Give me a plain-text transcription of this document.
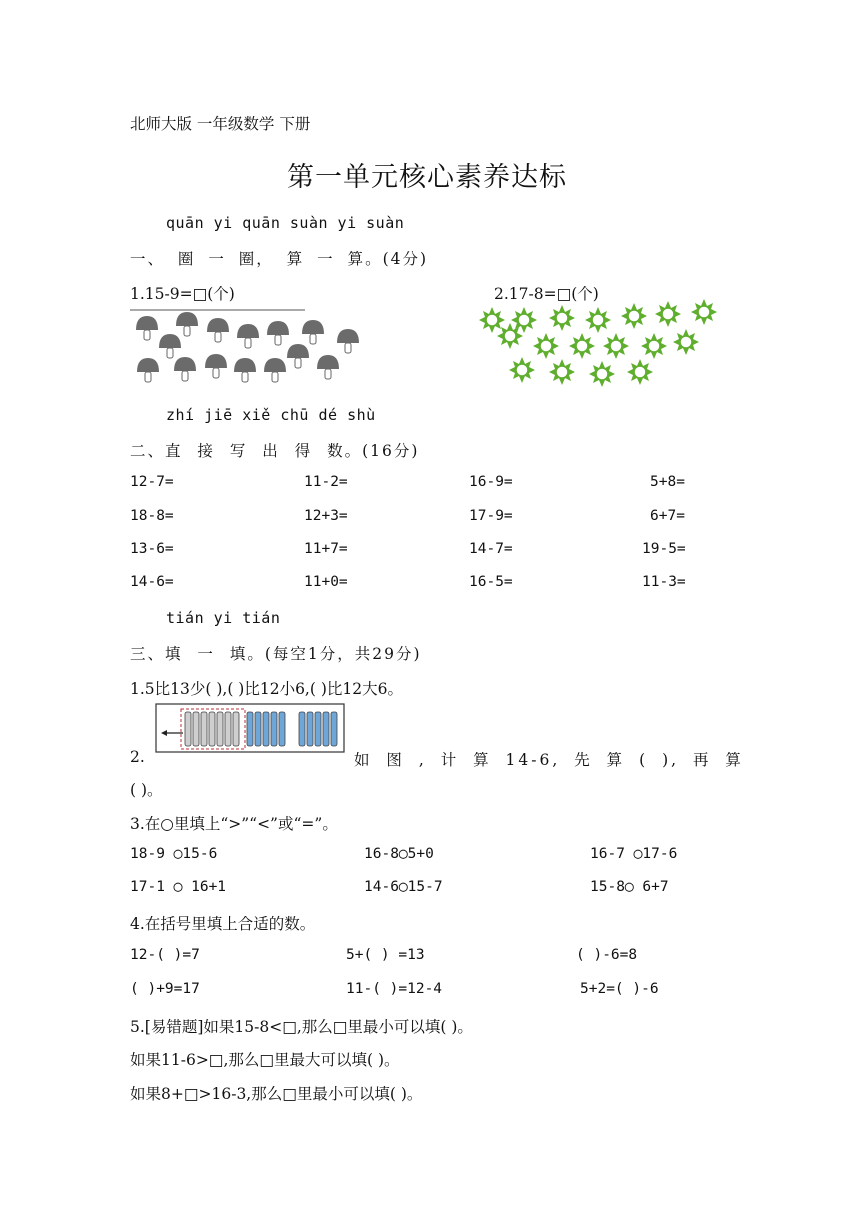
北师大版 一年级数学 下册
第一单元核心素养达标
quān yi quān suàn yi suàn
一、 圈 一 圈， 算 一 算。(4分)
1.15-9=□(个)	2.17-8=□(个)
zhí jiē xiě chū dé shù
二、直 接 写 出 得 数。(16分)
12-7=	11-2=	16-9=	5+8=
18-8=	12+3=	17-9=	6+7=
13-6=	11+7=	14-7=	19-5=
14-6=	11+0=	16-5=	11-3=
tián yi tián
三、填 一 填。(每空1分，共29分)
1.5比13少( ),( )比12小6,( )比12大6。
2.	如 图 , 计 算 14-6, 先 算 ( ), 再 算
( )。
3.在○里填上“>”“<”或“=”。
18-9 ◯15-6	16-8◯5+0	16-7 ◯17-6
17-1 ◯ 16+1	14-6◯15-7	15-8◯ 6+7
4.在括号里填上合适的数。
12-( )=7	5+( ) =13	( )-6=8
( )+9=17	11-( )=12-4	5+2=( )-6
5.[易错题]如果15-8<□,那么□里最小可以填( )。
如果11-6>□,那么□里最大可以填( )。
如果8+□>16-3,那么□里最小可以填( )。
